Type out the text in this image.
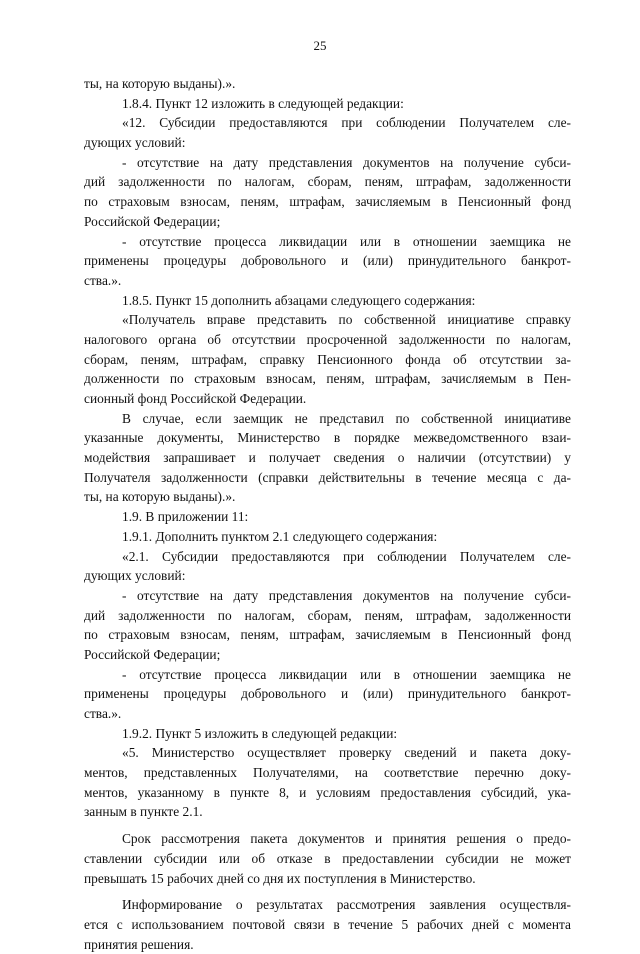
25
ты, на которую выданы).».
1.8.4. Пункт 12 изложить в следующей редакции:
«12. Субсидии предоставляются при соблюдении Получателем сле-
дующих условий:
- отсутствие на дату представления документов на получение субси-
дий задолженности по налогам, сборам, пеням, штрафам, задолженности
по страховым взносам, пеням, штрафам, зачисляемым в Пенсионный фонд
Российской Федерации;
- отсутствие процесса ликвидации или в отношении заемщика не
применены процедуры добровольного и (или) принудительного банкрот-
ства.».
1.8.5. Пункт 15 дополнить абзацами следующего содержания:
«Получатель вправе представить по собственной инициативе справку
налогового органа об отсутствии просроченной задолженности по налогам,
сборам, пеням, штрафам, справку Пенсионного фонда об отсутствии за-
долженности по страховым взносам, пеням, штрафам, зачисляемым в Пен-
сионный фонд Российской Федерации.
В случае, если заемщик не представил по собственной инициативе
указанные документы, Министерство в порядке межведомственного взаи-
модействия запрашивает и получает сведения о наличии (отсутствии) у
Получателя задолженности (справки действительны в течение месяца с да-
ты, на которую выданы).».
1.9. В приложении 11:
1.9.1. Дополнить пунктом 2.1 следующего содержания:
«2.1. Субсидии предоставляются при соблюдении Получателем сле-
дующих условий:
- отсутствие на дату представления документов на получение субси-
дий задолженности по налогам, сборам, пеням, штрафам, задолженности
по страховым взносам, пеням, штрафам, зачисляемым в Пенсионный фонд
Российской Федерации;
- отсутствие процесса ликвидации или в отношении заемщика не
применены процедуры добровольного и (или) принудительного банкрот-
ства.».
1.9.2. Пункт 5 изложить в следующей редакции:
«5. Министерство осуществляет проверку сведений и пакета доку-
ментов, представленных Получателями, на соответствие перечню доку-
ментов, указанному в пункте 8, и условиям предоставления субсидий, ука-
занным в пункте 2.1.
Срок рассмотрения пакета документов и принятия решения о предо-
ставлении субсидии или об отказе в предоставлении субсидии не может
превышать 15 рабочих дней со дня их поступления в Министерство.
Информирование о результатах рассмотрения заявления осуществля-
ется с использованием почтовой связи в течение 5 рабочих дней с момента
принятия решения.
